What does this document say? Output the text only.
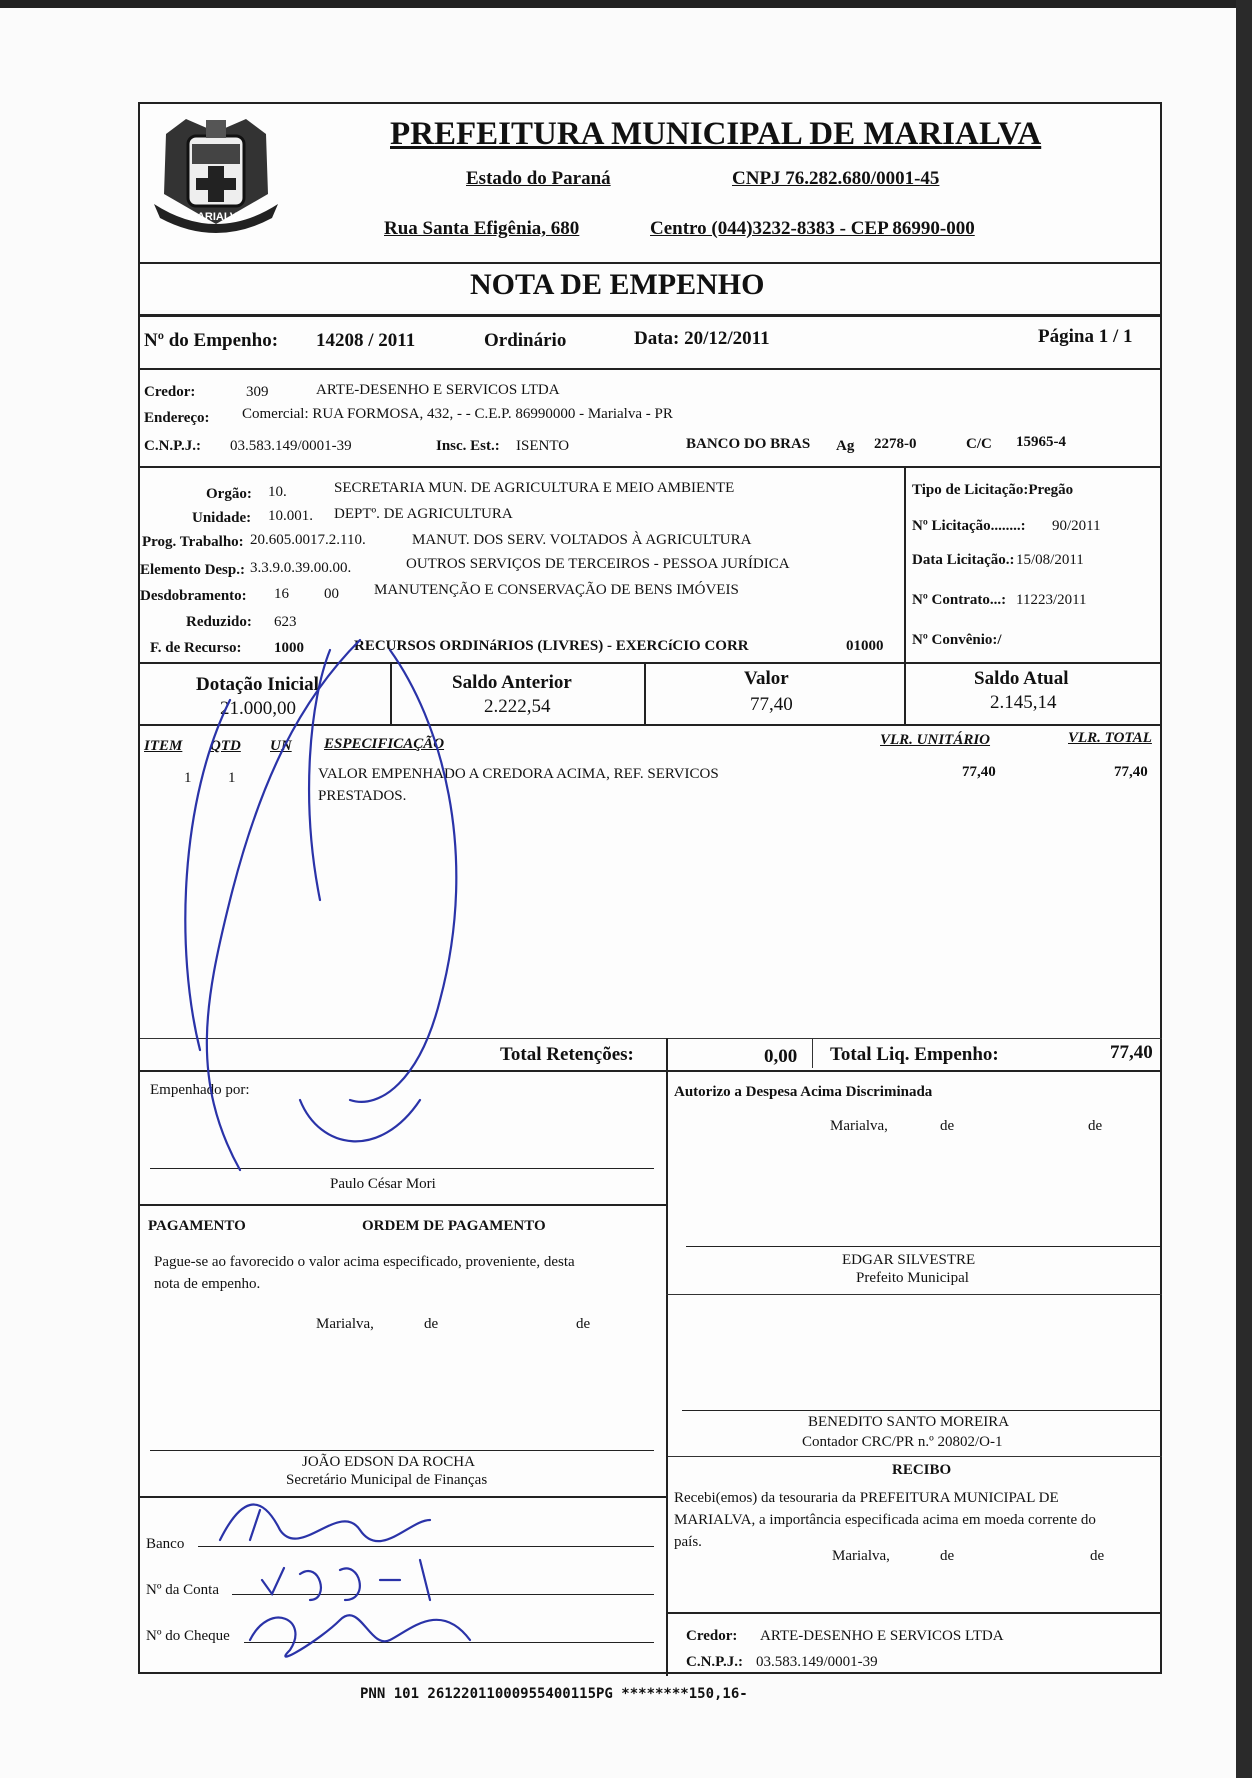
MARIALVA
PREFEITURA MUNICIPAL DE MARIALVA
Estado do Paraná	CNPJ 76.282.680/0001-45
Rua Santa Efigênia, 680	Centro (044)3232-8383 - CEP 86990-000
NOTA DE EMPENHO
Nº do Empenho: 14208 / 2011	Ordinário	Data: 20/12/2011	Página 1 / 1
Credor:	309	ARTE-DESENHO E SERVICOS LTDA
Endereço: Comercial: RUA FORMOSA, 432, - - C.E.P. 86990000 - Marialva - PR
C.N.P.J.: 03.583.149/0001-39	Insc. Est.: ISENTO	BANCO DO BRAS Ag 2278-0	C/C 15965-4
Orgão: 10.	SECRETARIA MUN. DE AGRICULTURA E MEIO AMBIENTE
Unidade: 10.001. DEPTº. DE AGRICULTURA
Prog. Trabalho: 20.605.0017.2.110.	MANUT. DOS SERV. VOLTADOS À AGRICULTURA
Elemento Desp.: 3.3.9.0.39.00.00.	OUTROS SERVIÇOS DE TERCEIROS - PESSOA JURÍDICA
Desdobramento: 16 00 MANUTENÇÃO E CONSERVAÇÃO DE BENS IMÓVEIS
Reduzido: 623
F. de Recurso: 1000	RECURSOS ORDINáRIOS (LIVRES) - EXERCíCIO CORR	01000
Tipo de Licitação:Pregão
Nº Licitação........: 90/2011
Data Licitação.: 15/08/2011
Nº Contrato...: 11223/2011
Nº Convênio:/
Dotação Inicial
21.000,00
Saldo Anterior
2.222,54
Valor
77,40
Saldo Atual
2.145,14
ITEM QTD UN ESPECIFICAÇÃO	VLR. UNITÁRIO	VLR. TOTAL
1 1	VALOR EMPENHADO A CREDORA ACIMA, REF. SERVICOS
PRESTADOS.
77,40	77,40
Total Retenções:	0,00 Total Liq. Empenho:	77,40
Empenhado por:
Paulo César Mori
Autorizo a Despesa Acima Discriminada
Marialva,	de	de
PAGAMENTO	ORDEM DE PAGAMENTO
Pague-se ao favorecido o valor acima especificado, proveniente, desta
nota de empenho.
Marialva,	de	de
EDGAR SILVESTRE
Prefeito Municipal
BENEDITO SANTO MOREIRA
Contador CRC/PR n.º 20802/O-1
JOÃO EDSON DA ROCHA
Secretário Municipal de Finanças
RECIBO
Recebi(emos) da tesouraria da PREFEITURA MUNICIPAL DE
MARIALVA, a importância especificada acima em moeda corrente do
país.
Marialva,	de	de
Credor: ARTE-DESENHO E SERVICOS LTDA
C.N.P.J.: 03.583.149/0001-39
Banco
Nº da Conta
Nº do Cheque
PNN 101 26122011000955400115PG ********150,16-
